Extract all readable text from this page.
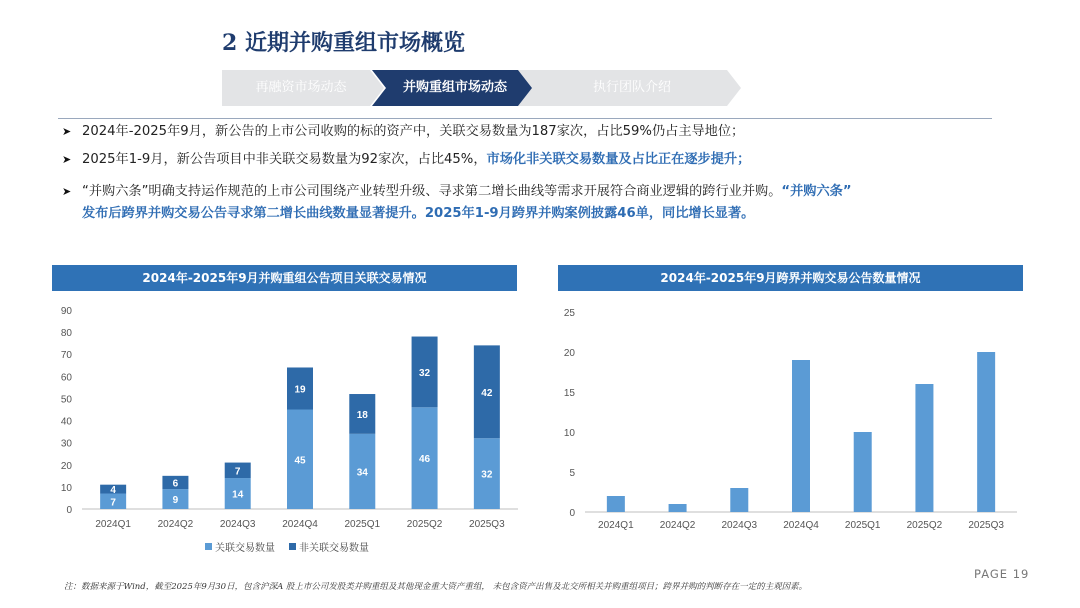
2 近期并购重组市场概览
再融资市场动态	并购重组市场动态	执行团队介绍
➤ 2024年-2025年9月，新公告的上市公司收购的标的资产中，关联交易数量为187家次，占比59%仍占主导地位；
➤ 2025年1-9月，新公告项目中非关联交易数量为92家次，占比45%，市场化非关联交易数量及占比正在逐步提升；
➤ “并购六条”明确支持运作规范的上市公司围绕产业转型升级、寻求第二增长曲线等需求开展符合商业逻辑的跨行业并购。“并购六条”
发布后跨界并购交易公告寻求第二增长曲线数量显著提升。2025年1-9月跨界并购案例披露46单，同比增长显著。
2024年-2025年9月并购重组公告项目关联交易情况
0
10
20
30
40
50
60
70
80
90
7
4
2024Q1
9
6
2024Q2
14
7
2024Q3
45
19
2024Q4
34
18
2025Q1
46
32
2025Q2
32
42
2025Q3
关联交易数量 非关联交易数量
2024年-2025年9月跨界并购交易公告数量情况
0
5
10
15
20
25
2024Q1	2024Q2	2024Q3	2024Q4	2025Q1	2025Q2	2025Q3
注：数据来源于Wind，截至2025年9月30日，包含沪深A 股上市公司发股类并购重组及其他现金重大资产重组， 未包含资产出售及北交所相关并购重组项目；跨界并购的判断存在一定的主观因素。
PAGE 19
